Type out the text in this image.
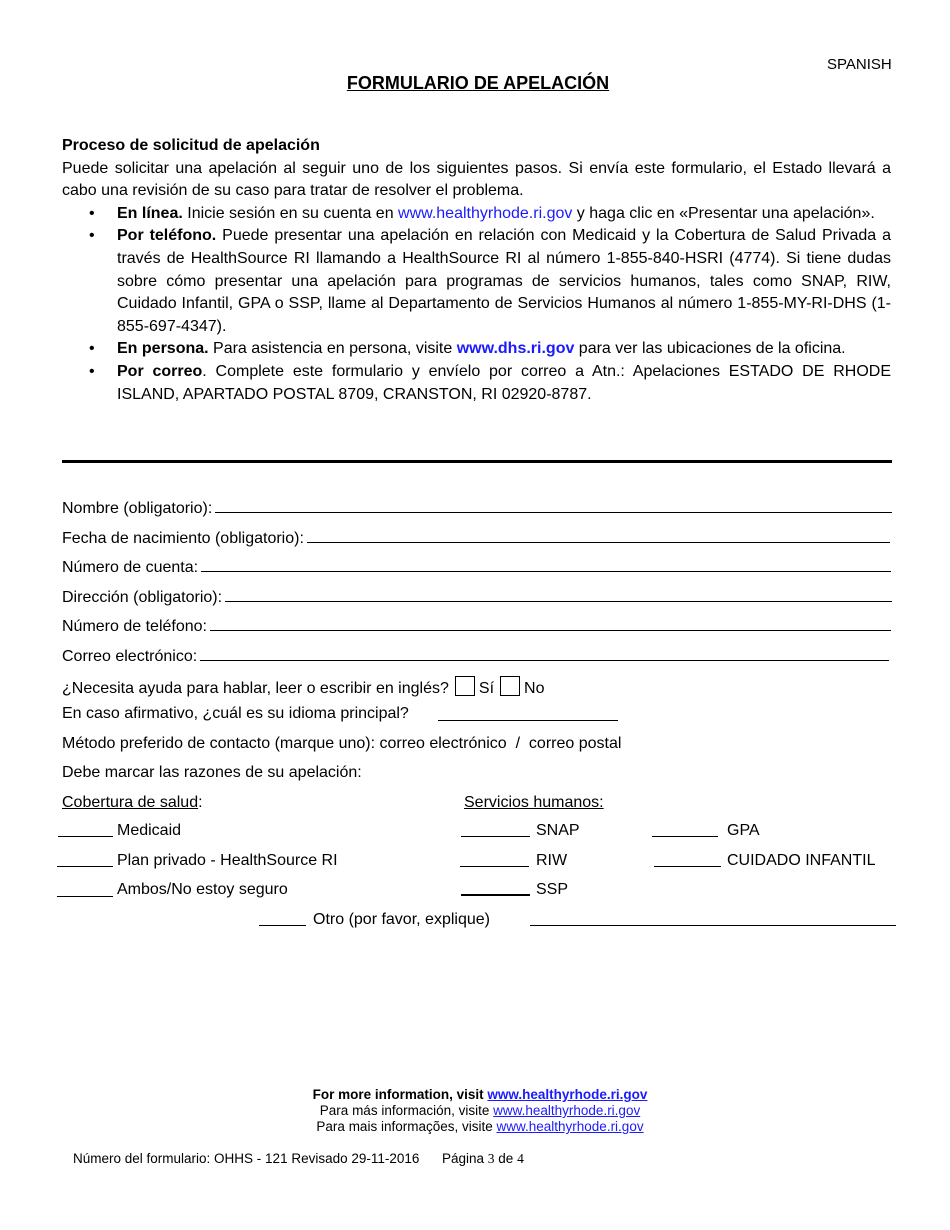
SPANISH
FORMULARIO DE APELACIÓN

Proceso de solicitud de apelación

Puede solicitar una apelación al seguir uno de los siguientes pasos. Si envía este formulario, el Estado llevará a cabo una revisión de su caso para tratar de resolver el problema.

• En línea. Inicie sesión en su cuenta en www.healthyrhode.ri.gov y haga clic en «Presentar una apelación».
• Por teléfono. Puede presentar una apelación en relación con Medicaid y la Cobertura de Salud Privada a través de HealthSource RI llamando a HealthSource RI al número 1-855-840-HSRI (4774). Si tiene dudas sobre cómo presentar una apelación para programas de servicios humanos, tales como SNAP, RIW, Cuidado Infantil, GPA o SSP, llame al Departamento de Servicios Humanos al número 1-855-MY-RI-DHS (1-855-697-4347).
• En persona. Para asistencia en persona, visite www.dhs.ri.gov para ver las ubicaciones de la oficina.
• Por correo. Complete este formulario y envíelo por correo a Atn.: Apelaciones ESTADO DE RHODE ISLAND, APARTADO POSTAL 8709, CRANSTON, RI 02920-8787.
Nombre (obligatorio):
Fecha de nacimiento (obligatorio):
Número de cuenta:
Dirección (obligatorio):
Número de teléfono:
Correo electrónico:
¿Necesita ayuda para hablar, leer o escribir en inglés? Sí No
En caso afirmativo, ¿cuál es su idioma principal?
Método preferido de contacto (marque uno): correo electrónico  /  correo postal
Debe marcar las razones de su apelación:
Cobertura de salud:	Servicios humanos:
Medicaid
Plan privado - HealthSource RI
Ambos/No estoy seguro
SNAP
RIW
SSP
GPA
CUIDADO INFANTIL
Otro (por favor, explique)
For more information, visit www.healthyrhode.ri.gov
Para más información, visite www.healthyrhode.ri.gov
Para mais informações, visite www.healthyrhode.ri.gov
Número del formulario: OHHS - 121 Revisado 29-11-2016 Página 3 de 4
